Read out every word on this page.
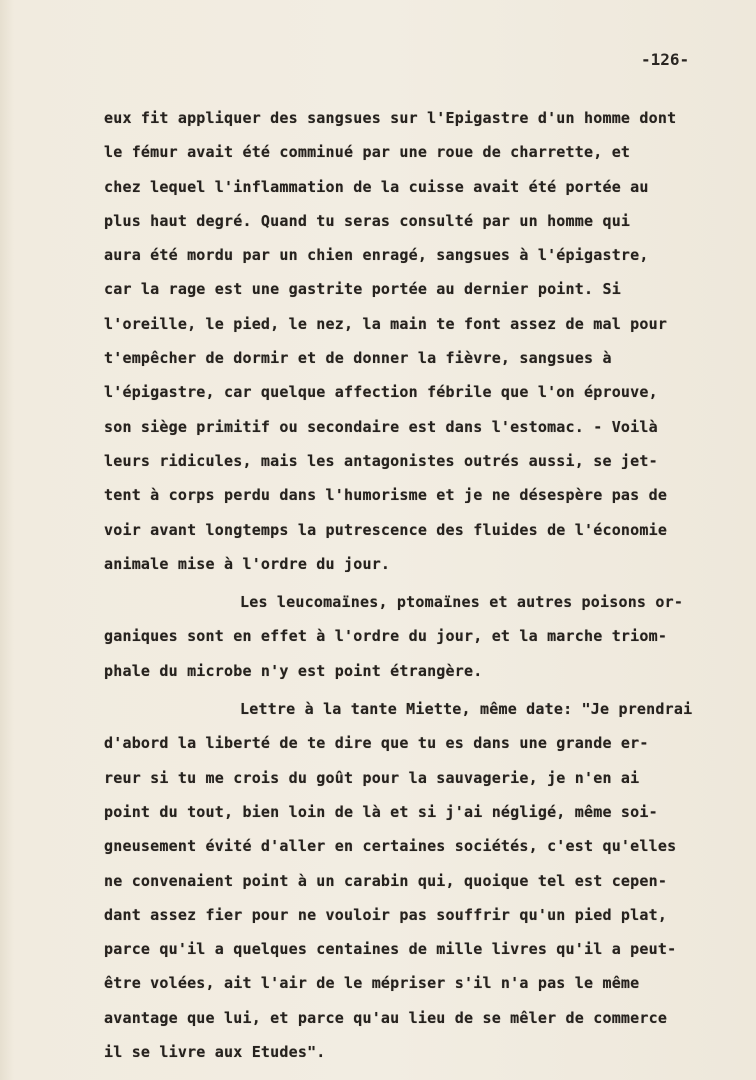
-126-
eux fit appliquer des sangsues sur l'Epigastre d'un homme dont
le fémur avait été comminué par une roue de charrette, et
chez lequel l'inflammation de la cuisse avait été portée au
plus haut degré. Quand tu seras consulté par un homme qui
aura été mordu par un chien enragé, sangsues à l'épigastre,
car la rage est une gastrite portée au dernier point. Si
l'oreille, le pied, le nez, la main te font assez de mal pour
t'empêcher de dormir et de donner la fièvre, sangsues à
l'épigastre, car quelque affection fébrile que l'on éprouve,
son siège primitif ou secondaire est dans l'estomac. - Voilà
leurs ridicules, mais les antagonistes outrés aussi, se jet-
tent à corps perdu dans l'humorisme et je ne désespère pas de
voir avant longtemps la putrescence des fluides de l'économie
animale mise à l'ordre du jour.
Les leucomaïnes, ptomaïnes et autres poisons or-
ganiques sont en effet à l'ordre du jour, et la marche triom-
phale du microbe n'y est point étrangère.
Lettre à la tante Miette, même date: "Je prendrai
d'abord la liberté de te dire que tu es dans une grande er-
reur si tu me crois du goût pour la sauvagerie, je n'en ai
point du tout, bien loin de là et si j'ai négligé, même soi-
gneusement évité d'aller en certaines sociétés, c'est qu'elles
ne convenaient point à un carabin qui, quoique tel est cepen-
dant assez fier pour ne vouloir pas souffrir qu'un pied plat,
parce qu'il a quelques centaines de mille livres qu'il a peut-
être volées, ait l'air de le mépriser s'il n'a pas le même
avantage que lui, et parce qu'au lieu de se mêler de commerce
il se livre aux Etudes".
